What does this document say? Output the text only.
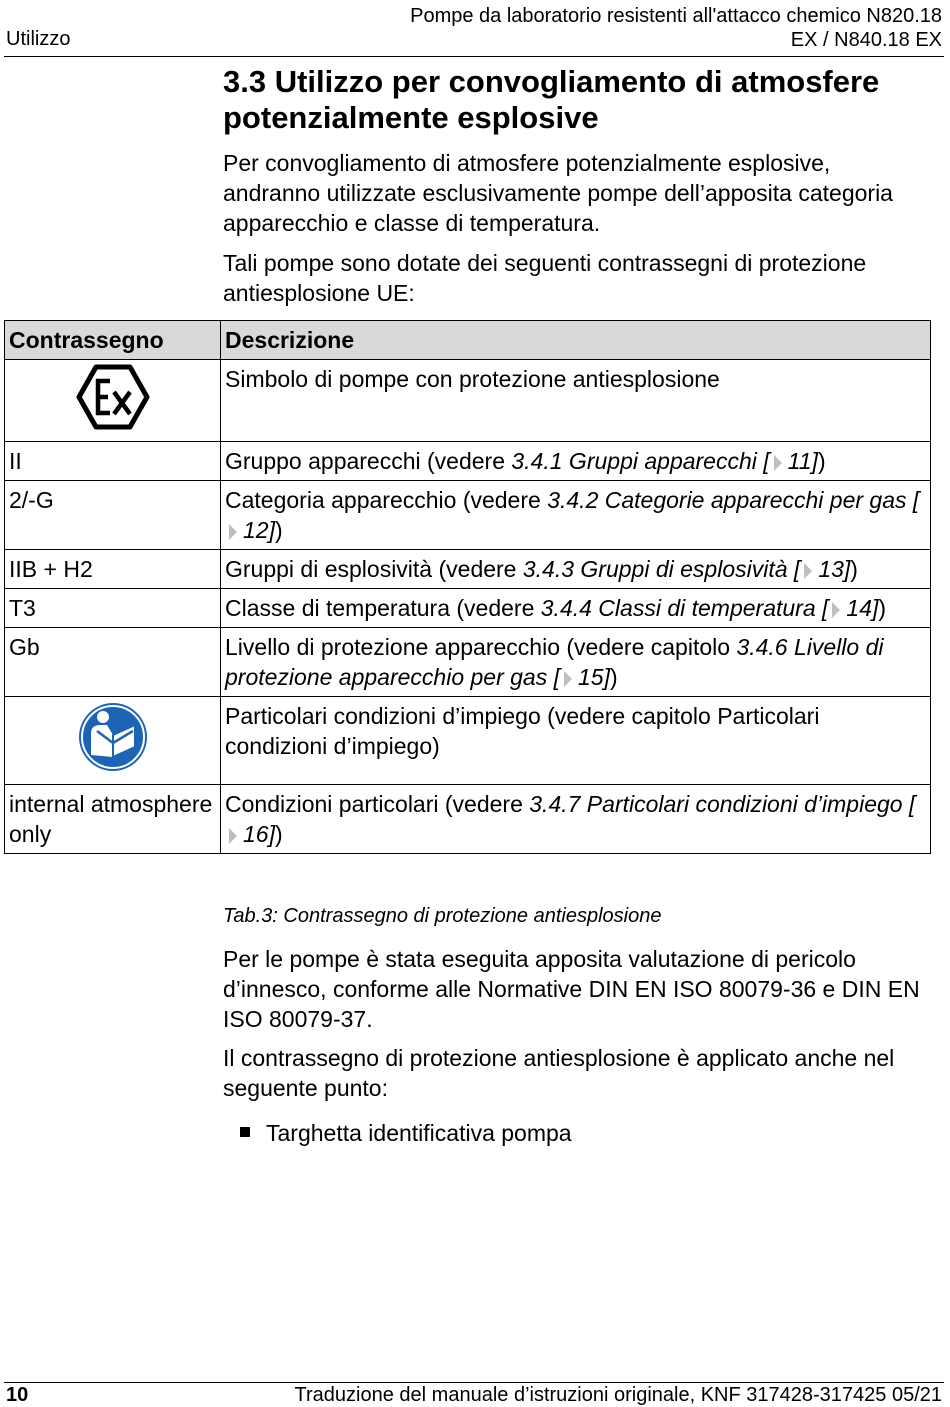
Utilizzo
Pompe da laboratorio resistenti all'attacco chemico N820.18
EX / N840.18 EX
3.3 Utilizzo per convogliamento di atmosfere potenzialmente esplosive
Per convogliamento di atmosfere potenzialmente esplosive, andranno utilizzate esclusivamente pompe dell’apposita categoria apparecchio e classe di temperatura.
Tali pompe sono dotate dei seguenti contrassegni di protezione antiesplosione UE:
Contrassegno	Descrizione
	Simbolo di pompe con protezione antiesplosione
II	Gruppo apparecchi (vedere 3.4.1 Gruppi apparecchi [ 11])
2/-G	Categoria apparecchio (vedere 3.4.2 Categorie apparecchi per gas [12])
IIB + H2	Gruppi di esplosività (vedere 3.4.3 Gruppi di esplosività [ 13])
T3	Classe di temperatura (vedere 3.4.4 Classi di temperatura [ 14])
Gb	Livello di protezione apparecchio (vedere capitolo 3.4.6 Livello di protezione apparecchio per gas [ 15])
	Particolari condizioni d’impiego (vedere capitolo Particolari condizioni d’impiego)
internal atmosphere only	Condizioni particolari (vedere 3.4.7 Particolari condizioni d’impiego [16])
Tab.3: Contrassegno di protezione antiesplosione
Per le pompe è stata eseguita apposita valutazione di pericolo d’innesco, conforme alle Normative DIN EN ISO 80079-36 e DIN EN ISO 80079-37.
Il contrassegno di protezione antiesplosione è applicato anche nel seguente punto:
Targhetta identificativa pompa
10	Traduzione del manuale d’istruzioni originale, KNF 317428-317425 05/21
